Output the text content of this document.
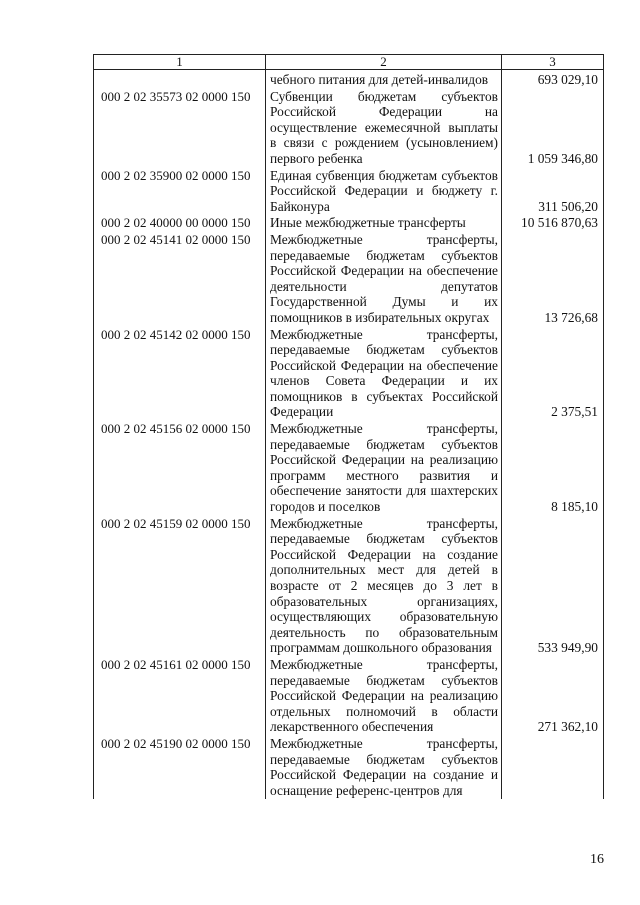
1	2	3
	чебного питания для детей-инвалидов	693 029,10
000 2 02 35573 02 0000 150	Субвенции бюджетам субъектов Российской Федерации на осуществление ежемесячной выплаты в связи с рождением (усыновлением) первого ребенка	1 059 346,80
000 2 02 35900 02 0000 150	Единая субвенция бюджетам субъектов Российской Федерации и бюджету г. Байконура	311 506,20
000 2 02 40000 00 0000 150	Иные межбюджетные трансферты	10 516 870,63
000 2 02 45141 02 0000 150	Межбюджетные трансферты, передаваемые бюджетам субъектов Российской Федерации на обеспечение деятельности депутатов Государственной Думы и их помощников в избирательных округах	13 726,68
000 2 02 45142 02 0000 150	Межбюджетные трансферты, передаваемые бюджетам субъектов Российской Федерации на обеспечение членов Совета Федерации и их помощников в субъектах Российской Федерации	2 375,51
000 2 02 45156 02 0000 150	Межбюджетные трансферты, передаваемые бюджетам субъектов Российской Федерации на реализацию программ местного развития и обеспечение занятости для шахтерских городов и поселков	8 185,10
000 2 02 45159 02 0000 150	Межбюджетные трансферты, передаваемые бюджетам субъектов Российской Федерации на создание дополнительных мест для детей в возрасте от 2 месяцев до 3 лет в образовательных организациях, осуществляющих образовательную деятельность по образовательным программам дошкольного образования	533 949,90
000 2 02 45161 02 0000 150	Межбюджетные трансферты, передаваемые бюджетам субъектов Российской Федерации на реализацию отдельных полномочий в области лекарственного обеспечения	271 362,10
000 2 02 45190 02 0000 150	Межбюджетные трансферты, передаваемые бюджетам субъектов Российской Федерации на создание и оснащение референс-центров для	
16
